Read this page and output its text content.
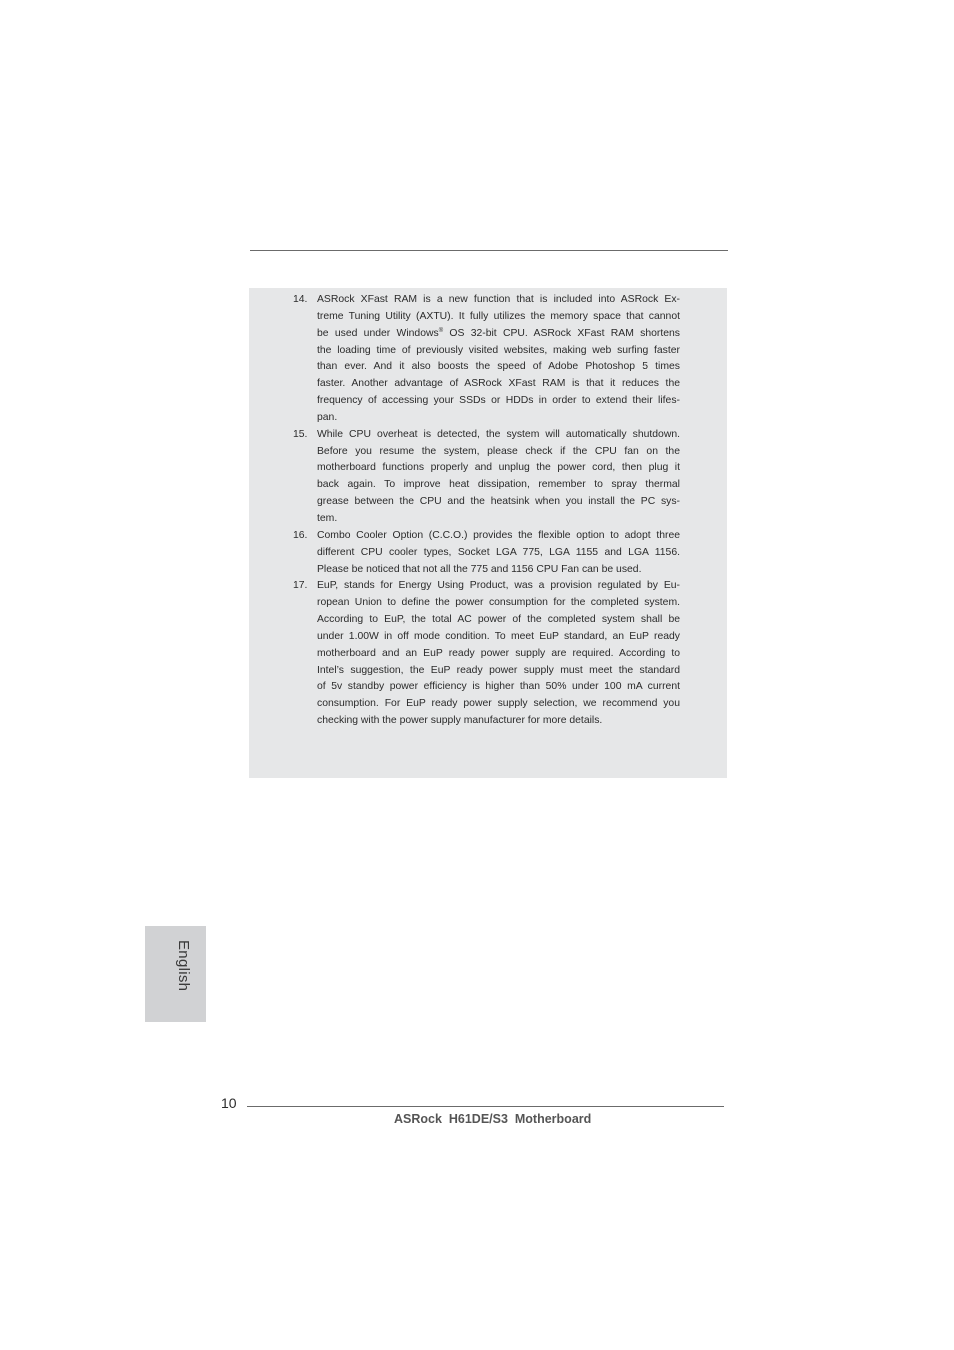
14. ASRock XFast RAM is a new function that is included into ASRock Ex-
treme Tuning Utility (AXTU). It fully utilizes the memory space that cannot
be used under Windows® OS 32-bit CPU. ASRock XFast RAM shortens
the loading time of previously visited websites, making web surfing faster
than ever. And it also boosts the speed of Adobe Photoshop 5 times
faster. Another advantage of ASRock XFast RAM is that it reduces the
frequency of accessing your SSDs or HDDs in order to extend their lifes-
pan.
15. While CPU overheat is detected, the system will automatically shutdown.
Before you resume the system, please check if the CPU fan on the
motherboard functions properly and unplug the power cord, then plug it
back again. To improve heat dissipation, remember to spray thermal
grease between the CPU and the heatsink when you install the PC sys-
tem.
16. Combo Cooler Option (C.C.O.) provides the flexible option to adopt three
different CPU cooler types, Socket LGA 775, LGA 1155 and LGA 1156.
Please be noticed that not all the 775 and 1156 CPU Fan can be used.
17. EuP, stands for Energy Using Product, was a provision regulated by Eu-
ropean Union to define the power consumption for the completed system.
According to EuP, the total AC power of the completed system shall be
under 1.00W in off mode condition. To meet EuP standard, an EuP ready
motherboard and an EuP ready power supply are required. According to
Intel’s suggestion, the EuP ready power supply must meet the standard
of 5v standby power efficiency is higher than 50% under 100 mA current
consumption. For EuP ready power supply selection, we recommend you
checking with the power supply manufacturer for more details.
English
10
ASRock  H61DE/S3  Motherboard
